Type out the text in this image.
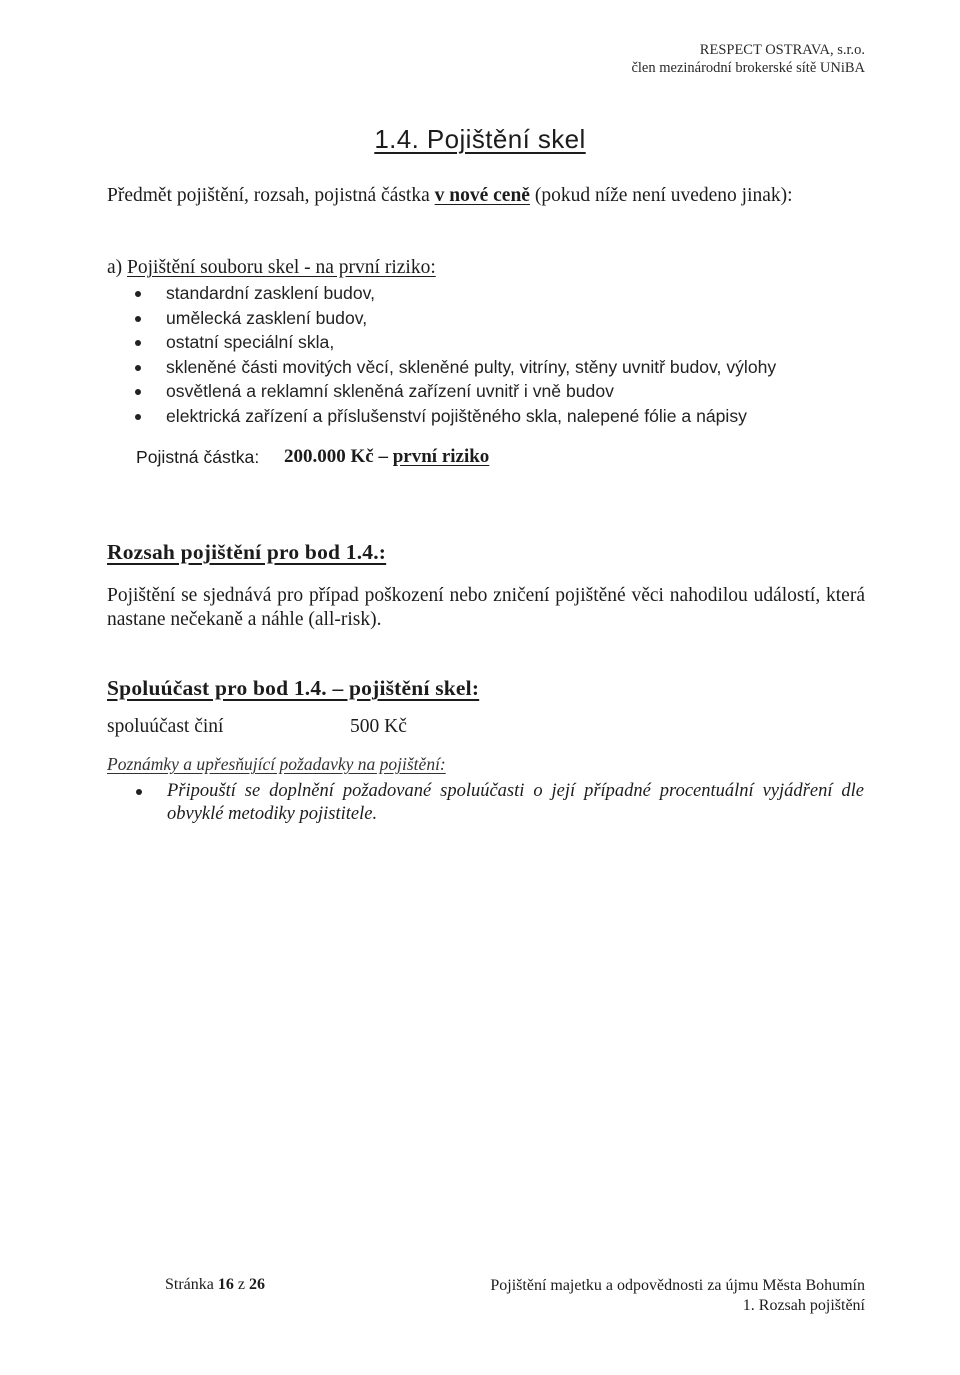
RESPECT OSTRAVA, s.r.o.
člen mezinárodní brokerské sítě UNiBA
1.4. Pojištění skel
Předmět pojištění, rozsah, pojistná částka v nové ceně (pokud níže není uvedeno jinak):
a) Pojištění souboru skel - na první riziko:
standardní zasklení budov,
umělecká zasklení budov,
ostatní speciální skla,
skleněné části movitých věcí, skleněné pulty, vitríny, stěny uvnitř budov, výlohy
osvětlená a reklamní skleněná zařízení uvnitř i vně budov
elektrická zařízení a příslušenství pojištěného skla, nalepené fólie a nápisy
Pojistná částka: 200.000 Kč – první riziko
Rozsah pojištění pro bod 1.4.:
Pojištění se sjednává pro případ poškození nebo zničení pojištěné věci nahodilou událostí, která nastane nečekaně a náhle (all-risk).
Spoluúčast pro bod 1.4. – pojištění skel:
spoluúčast činí	500 Kč
Poznámky a upřesňující požadavky na pojištění:
Připouští se doplnění požadované spoluúčasti o její případné procentuální vyjádření dle obvyklé metodiky pojistitele.
Stránka 16 z 26	Pojištění majetku a odpovědnosti za újmu Města Bohumín
1. Rozsah pojištění
